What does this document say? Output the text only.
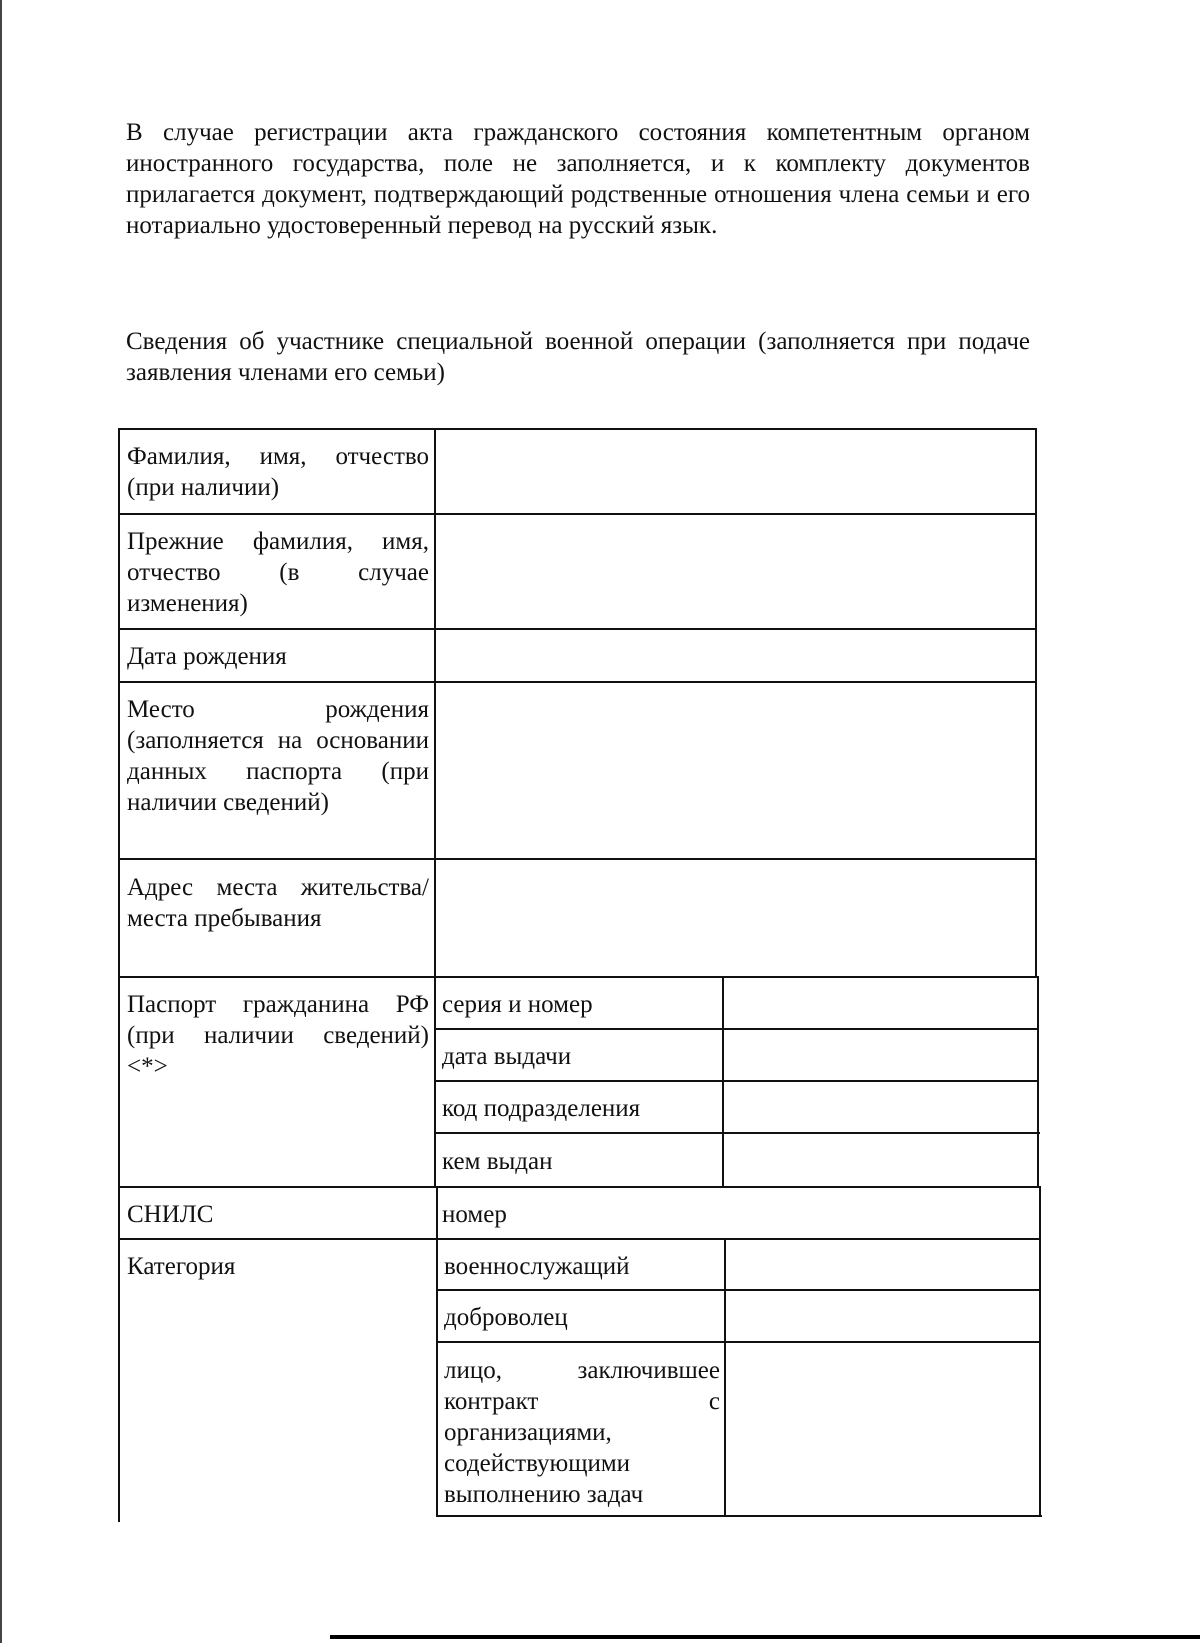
В случае регистрации акта гражданского состояния компетентным органом иностранного государства, поле не заполняется, и к комплекту документов прилагается документ, подтверждающий родственные отношения члена семьи и его нотариально удостоверенный перевод на русский язык.

Сведения об участнике специальной военной операции (заполняется при подаче заявления членами его семьи)

Фамилия, имя, отчество (при наличии)

Прежние фамилия, имя, отчество (в случае изменения)

Дата рождения

Место рождения (заполняется на основании данных паспорта (при наличии сведений)

Адрес места жительства/места пребывания

Паспорт гражданина РФ (при наличии сведений) <*>

СНИЛС

Категория

серия и номер

дата выдачи

код подразделения

кем выдан

номер

военнослужащий

доброволец

лицо, заключившее контракт с организациями, содействующими выполнению задач
